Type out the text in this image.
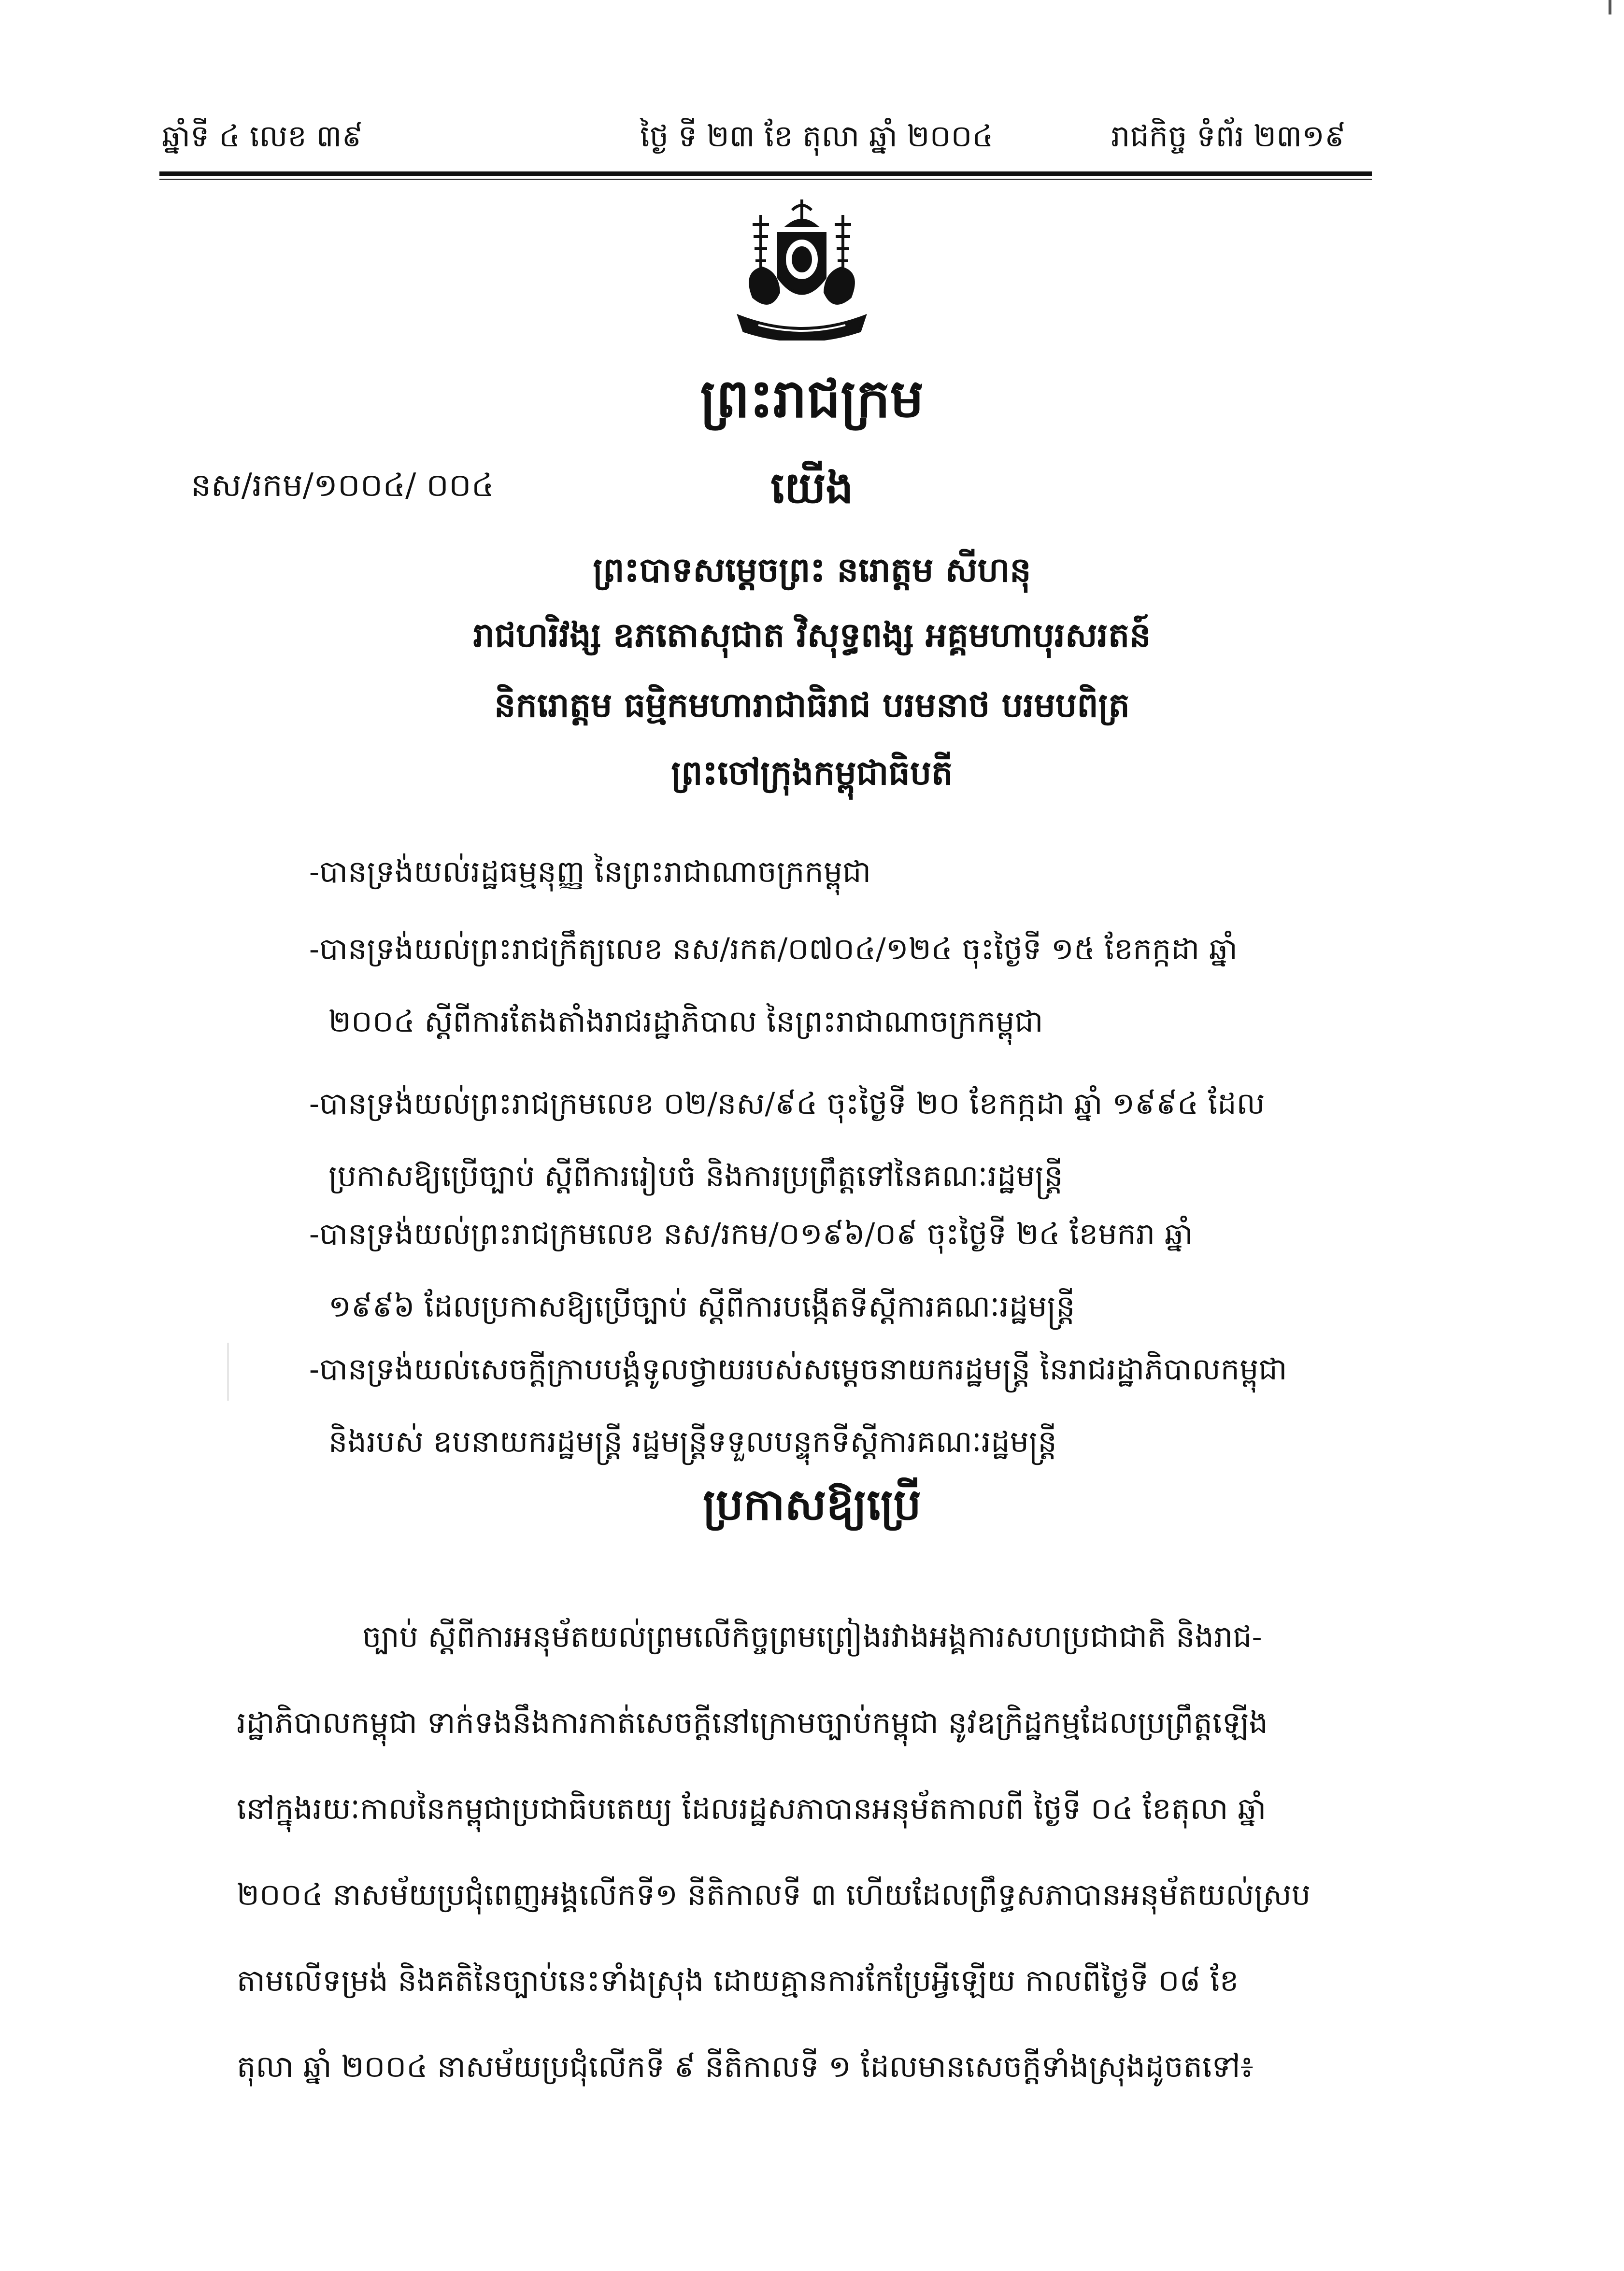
ឆ្នាំទី ៤ លេខ ៣៩	ថ្ងៃ ទី ២៣ ខែ តុលា ឆ្នាំ ២០០៤	រាជកិច្ច ទំព័រ ២៣១៩
ព្រះរាជក្រម
នស/រកម/១០០៤/ ០០៤	យើង
ព្រះបាទសម្តេចព្រះ នរោត្តម សីហនុ
រាជហរិវង្ស ឧភតោសុជាត វិសុទ្ធពង្ស អគ្គមហាបុរសរតន៍
និករោត្តម ធម្មិកមហារាជាធិរាជ បរមនាថ បរមបពិត្រ
ព្រះចៅក្រុងកម្ពុជាធិបតី
-បានទ្រង់យល់រដ្ឋធម្មនុញ្ញ នៃព្រះរាជាណាចក្រកម្ពុជា
-បានទ្រង់យល់ព្រះរាជក្រឹត្យលេខ នស/រកត/០៧០៤/១២៤ ចុះថ្ងៃទី ១៥ ខែកក្កដា ឆ្នាំ
២០០៤ ស្តីពីការតែងតាំងរាជរដ្ឋាភិបាល នៃព្រះរាជាណាចក្រកម្ពុជា
-បានទ្រង់យល់ព្រះរាជក្រមលេខ ០២/នស/៩៤ ចុះថ្ងៃទី ២០ ខែកក្កដា ឆ្នាំ ១៩៩៤ ដែល
ប្រកាសឱ្យប្រើច្បាប់ ស្តីពីការរៀបចំ និងការប្រព្រឹត្តទៅនៃគណៈរដ្ឋមន្ត្រី
-បានទ្រង់យល់ព្រះរាជក្រមលេខ នស/រកម/០១៩៦/០៩ ចុះថ្ងៃទី ២៤ ខែមករា ឆ្នាំ
១៩៩៦ ដែលប្រកាសឱ្យប្រើច្បាប់ ស្តីពីការបង្កើតទីស្តីការគណៈរដ្ឋមន្ត្រី
-បានទ្រង់យល់សេចក្តីក្រាបបង្គំទូលថ្វាយរបស់សម្តេចនាយករដ្ឋមន្ត្រី នៃរាជរដ្ឋាភិបាលកម្ពុជា
និងរបស់ ឧបនាយករដ្ឋមន្ត្រី រដ្ឋមន្ត្រីទទួលបន្ទុកទីស្តីការគណៈរដ្ឋមន្ត្រី
ប្រកាសឱ្យប្រើ
ច្បាប់ ស្តីពីការអនុម័តយល់ព្រមលើកិច្ចព្រមព្រៀងរវាងអង្គការសហប្រជាជាតិ និងរាជ-
រដ្ឋាភិបាលកម្ពុជា ទាក់ទងនឹងការកាត់សេចក្តីនៅក្រោមច្បាប់កម្ពុជា នូវឧក្រិដ្ឋកម្មដែលប្រព្រឹត្តឡើង
នៅក្នុងរយៈកាលនៃកម្ពុជាប្រជាធិបតេយ្យ ដែលរដ្ឋសភាបានអនុម័តកាលពី ថ្ងៃទី ០៤ ខែតុលា ឆ្នាំ
២០០៤ នាសម័យប្រជុំពេញអង្គលើកទី១ នីតិកាលទី ៣ ហើយដែលព្រឹទ្ធសភាបានអនុម័តយល់ស្រប
តាមលើទម្រង់ និងគតិនៃច្បាប់នេះទាំងស្រុង ដោយគ្មានការកែប្រែអ្វីឡើយ កាលពីថ្ងៃទី ០៨ ខែ
តុលា ឆ្នាំ ២០០៤ នាសម័យប្រជុំលើកទី ៩ នីតិកាលទី ១ ដែលមានសេចក្តីទាំងស្រុងដូចតទៅ៖
